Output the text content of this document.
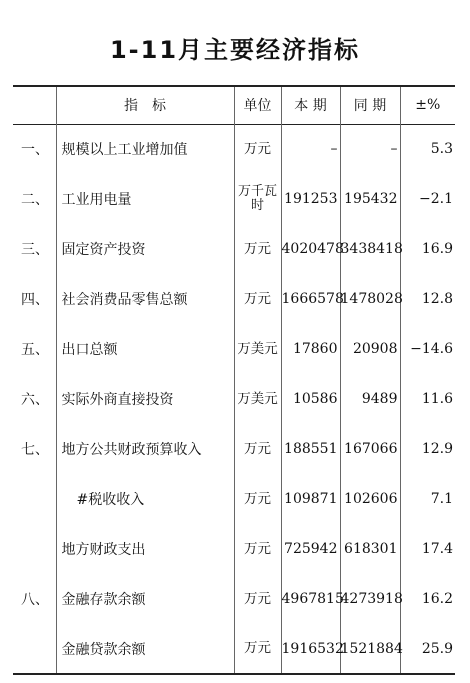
1-11月主要经济指标
	指　标	单位	本 期	同 期	±%
一、	规模以上工业增加值	万元	–	–	5.3
二、	工业用电量	万千瓦时	191253	195432	−2.1
三、	固定资产投资	万元	4020478	3438418	16.9
四、	社会消费品零售总额	万元	1666578	1478028	12.8
五、	出口总额	万美元	17860	20908	−14.6
六、	实际外商直接投资	万美元	10586	9489	11.6
七、	地方公共财政预算收入	万元	188551	167066	12.9
	#税收收入	万元	109871	102606	7.1
	地方财政支出	万元	725942	618301	17.4
八、	金融存款余额	万元	4967815	4273918	16.2
	金融贷款余额	万元	1916532	1521884	25.9
